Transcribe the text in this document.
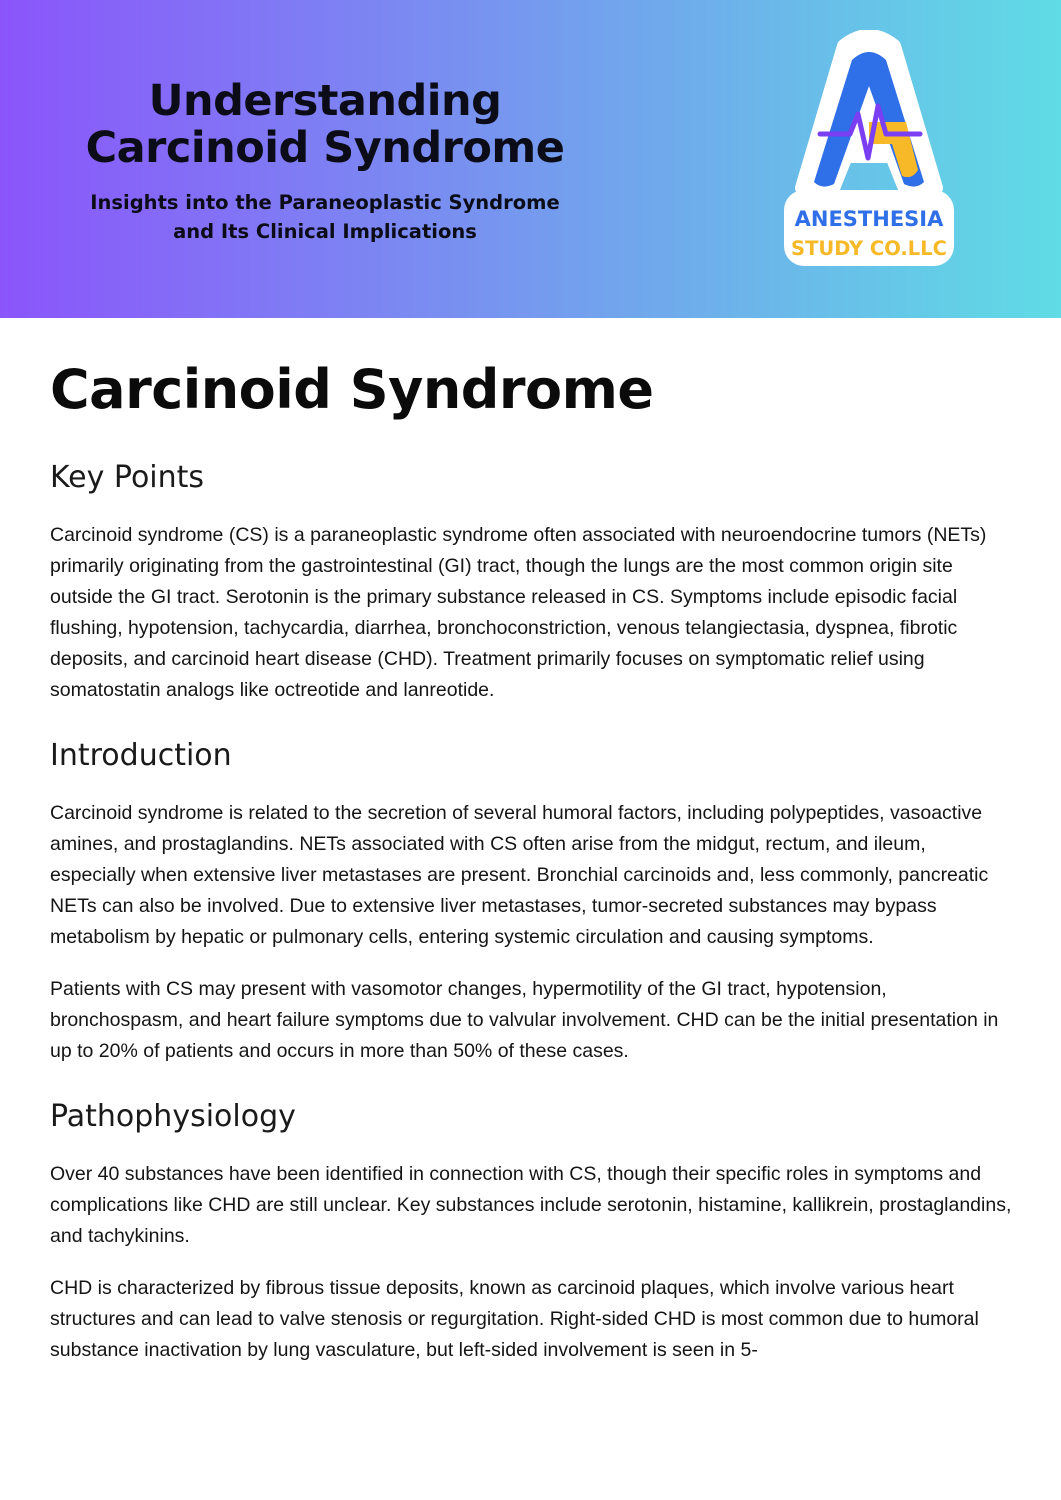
Understanding
Carcinoid Syndrome

Insights into the Paraneoplastic Syndrome
and Its Clinical Implications

ANESTHESIA
STUDY CO.LLC
Carcinoid Syndrome
Key Points

Carcinoid syndrome (CS) is a paraneoplastic syndrome often associated with neuroendocrine tumors (NETs) primarily originating from the gastrointestinal (GI) tract, though the lungs are the most common origin site outside the GI tract. Serotonin is the primary substance released in CS. Symptoms include episodic facial flushing, hypotension, tachycardia, diarrhea, bronchoconstriction, venous telangiectasia, dyspnea, fibrotic deposits, and carcinoid heart disease (CHD). Treatment primarily focuses on symptomatic relief using somatostatin analogs like octreotide and lanreotide.

Introduction

Carcinoid syndrome is related to the secretion of several humoral factors, including polypeptides, vasoactive amines, and prostaglandins. NETs associated with CS often arise from the midgut, rectum, and ileum, especially when extensive liver metastases are present. Bronchial carcinoids and, less commonly, pancreatic NETs can also be involved. Due to extensive liver metastases, tumor-secreted substances may bypass metabolism by hepatic or pulmonary cells, entering systemic circulation and causing symptoms.

Patients with CS may present with vasomotor changes, hypermotility of the GI tract, hypotension, bronchospasm, and heart failure symptoms due to valvular involvement. CHD can be the initial presentation in up to 20% of patients and occurs in more than 50% of these cases.

Pathophysiology

Over 40 substances have been identified in connection with CS, though their specific roles in symptoms and complications like CHD are still unclear. Key substances include serotonin, histamine, kallikrein, prostaglandins, and tachykinins.

CHD is characterized by fibrous tissue deposits, known as carcinoid plaques, which involve various heart structures and can lead to valve stenosis or regurgitation. Right-sided CHD is most common due to humoral substance inactivation by lung vasculature, but left-sided involvement is seen in 5-
